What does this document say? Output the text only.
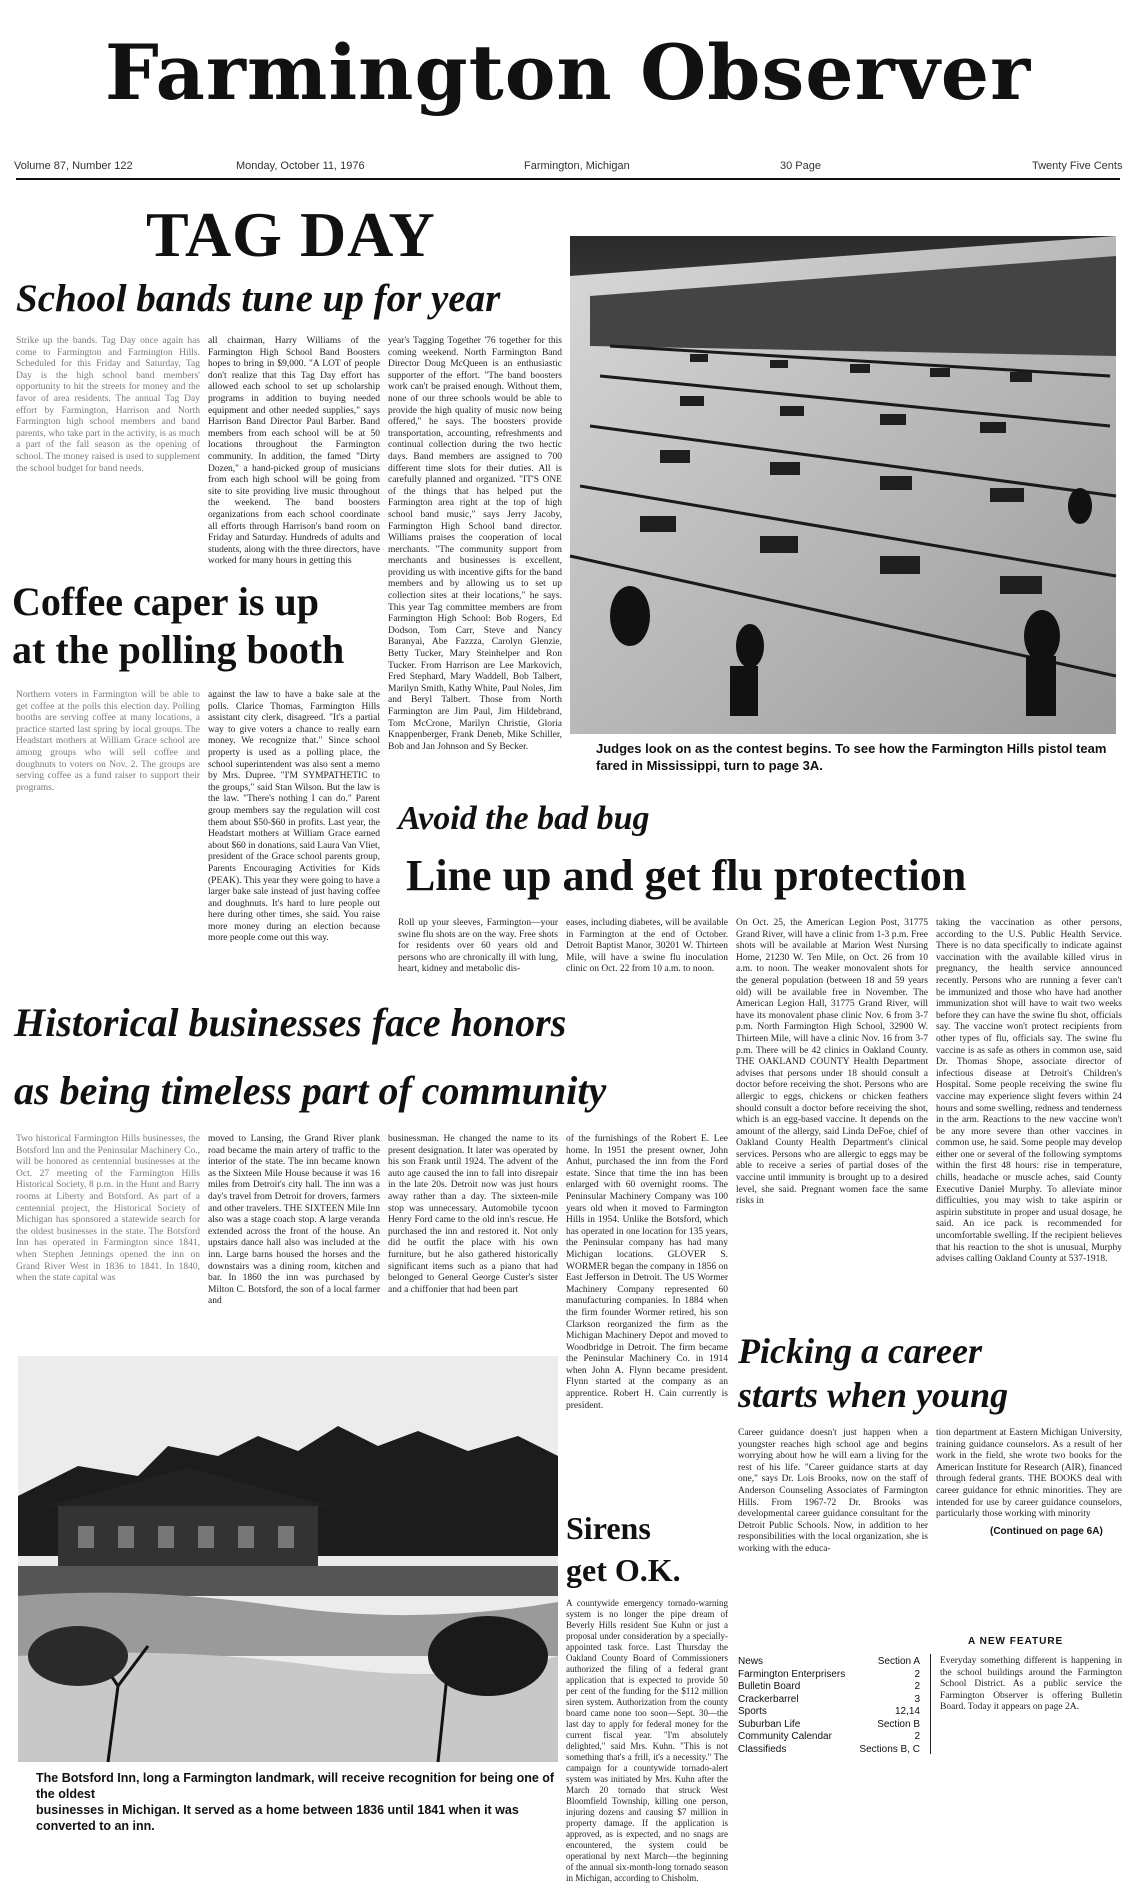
Farmington Observer
Volume 87, Number 122	Monday, October 11, 1976	Farmington, Michigan	30 Page	Twenty Five Cents
TAG DAY
School bands tune up for year
Strike up the bands. Tag Day once again has come to Farmington and Farmington Hills. Scheduled for this Friday and Saturday, Tag Day is the high school band members' opportunity to hit the streets for money and the favor of area residents. The annual Tag Day effort by Farmington, Harrison and North Farmington high school members and band parents, who take part in the activity, is as much a part of the fall season as the opening of school. The money raised is used to supplement the school budget for band needs.
all chairman, Harry Williams of the Farmington High School Band Boosters hopes to bring in $9,000. "A LOT of people don't realize that this Tag Day effort has allowed each school to set up scholarship programs in addition to buying needed equipment and other needed supplies," says Harrison Band Director Paul Barber. Band members from each school will be at 50 locations throughout the Farmington community. In addition, the famed "Dirty Dozen," a hand-picked group of musicians from each high school will be going from site to site providing live music throughout the weekend. The band boosters organizations from each school coordinate all efforts through Harrison's band room on Friday and Saturday. Hundreds of adults and students, along with the three directors, have worked for many hours in getting this
year's Tagging Together '76 together for this coming weekend. North Farmington Band Director Doug McQueen is an enthusiastic supporter of the effort. "The band boosters work can't be praised enough. Without them, none of our three schools would be able to provide the high quality of music now being offered," he says. The boosters provide transportation, accounting, refreshments and continual collection during the two hectic days. Band members are assigned to 700 different time slots for their duties. All is carefully planned and organized. "IT'S ONE of the things that has helped put the Farmington area right at the top of high school band music," says Jerry Jacoby, Farmington High School band director. Williams praises the cooperation of local merchants. "The community support from merchants and businesses is excellent, providing us with incentive gifts for the band members and by allowing us to set up collection sites at their locations," he says. This year Tag committee members are from Farmington High School: Bob Rogers, Ed Dodson, Tom Carr, Steve and Nancy Baranyai, Abe Fazzza, Carolyn Glenzie, Betty Tucker, Mary Steinhelper and Ron Tucker. From Harrison are Lee Markovich, Fred Stephard, Mary Waddell, Bob Talbert, Marilyn Smith, Kathy White, Paul Noles, Jim and Beryl Talbert. Those from North Farmington are Jim Paul, Jim Hildebrand, Tom McCrone, Marilyn Christie, Gloria Knappenberger, Frank Deneb, Mike Schiller, Bob and Jan Johnson and Sy Becker.	Judges look on as the contest begins. To see how the Farmington Hills pistol team fared in Mississippi, turn to page 3A.
Coffee caper is up
at the polling booth
Northern voters in Farmington will be able to get coffee at the polls this election day. Polling booths are serving coffee at many locations, a practice started last spring by local groups. The Headstart mothers at William Grace school are among groups who will sell coffee and doughnuts to voters on Nov. 2. The groups are serving coffee as a fund raiser to support their programs.
against the law to have a bake sale at the polls. Clarice Thomas, Farmington Hills assistant city clerk, disagreed. "It's a partial way to give voters a chance to really earn money. We recognize that." Since school property is used as a polling place, the school superintendent was also sent a memo by Mrs. Dupree. "I'M SYMPATHETIC to the groups," said Stan Wilson. But the law is the law. "There's nothing I can do." Parent group members say the regulation will cost them about $50-$60 in profits. Last year, the Headstart mothers at William Grace earned about $60 in donations, said Laura Van Vliet, president of the Grace school parents group, Parents Encouraging Activities for Kids (PEAK). This year they were going to have a larger bake sale instead of just having coffee and doughnuts. It's hard to lure people out here during other times, she said. You raise more money during an election because more people come out this way.
Avoid the bad bug
Line up and get flu protection
Roll up your sleeves, Farmington—your swine flu shots are on the way. Free shots for residents over 60 years old and persons who are chronically ill with lung, heart, kidney and metabolic dis-
eases, including diabetes, will be available in Farmington at the end of October. Detroit Baptist Manor, 30201 W. Thirteen Mile, will have a swine flu inoculation clinic on Oct. 22 from 10 a.m. to noon.
On Oct. 25, the American Legion Post, 31775 Grand River, will have a clinic from 1-3 p.m. Free shots will be available at Marion West Nursing Home, 21230 W. Ten Mile, on Oct. 26 from 10 a.m. to noon. The weaker monovalent shots for the general population (between 18 and 59 years old) will be available free in November. The American Legion Hall, 31775 Grand River, will have its monovalent phase clinic Nov. 6 from 3-7 p.m. North Farmington High School, 32900 W. Thirteen Mile, will have a clinic Nov. 16 from 3-7 p.m. There will be 42 clinics in Oakland County. THE OAKLAND COUNTY Health Department advises that persons under 18 should consult a doctor before receiving the shot. Persons who are allergic to eggs, chickens or chicken feathers should consult a doctor before receiving the shot, which is an egg-based vaccine. It depends on the amount of the allergy, said Linda DeFoe, chief of Oakland County Health Department's clinical services. Persons who are allergic to eggs may be able to receive a series of partial doses of the vaccine until immunity is brought up to a desired level, she said. Pregnant women face the same risks in
taking the vaccination as other persons, according to the U.S. Public Health Service. There is no data specifically to indicate against vaccination with the available killed virus in pregnancy, the health service announced recently. Persons who are running a fever can't be immunized and those who have had another immunization shot will have to wait two weeks before they can have the swine flu shot, officials say. The vaccine won't protect recipients from other types of flu, officials say. The swine flu vaccine is as safe as others in common use, said Dr. Thomas Shope, associate director of infectious disease at Detroit's Children's Hospital. Some people receiving the swine flu vaccine may experience slight fevers within 24 hours and some swelling, redness and tenderness in the arm. Reactions to the new vaccine won't be any more severe than other vaccines in common use, he said. Some people may develop either one or several of the following symptoms within the first 48 hours: rise in temperature, chills, headache or muscle aches, said County Executive Daniel Murphy. To alleviate minor difficulties, you may wish to take aspirin or aspirin substitute in proper and usual dosage, he said. An ice pack is recommended for uncomfortable swelling. If the recipient believes that his reaction to the shot is unusual, Murphy advises calling Oakland County at 537-1918.
Historical businesses face honors
as being timeless part of community
Two historical Farmington Hills businesses, the Botsford Inn and the Peninsular Machinery Co., will be honored as centennial businesses at the Oct. 27 meeting of the Farmington Hills Historical Society, 8 p.m. in the Hunt and Barry rooms at Liberty and Botsford. As part of a centennial project, the Historical Society of Michigan has sponsored a statewide search for the oldest businesses in the state. The Botsford Inn has operated in Farmington since 1841, when Stephen Jennings opened the inn on Grand River West in 1836 to 1841. In 1840, when the state capital was
moved to Lansing, the Grand River plank road became the main artery of traffic to the interior of the state. The inn became known as the Sixteen Mile House because it was 16 miles from Detroit's city hall. The inn was a day's travel from Detroit for drovers, farmers and other travelers. THE SIXTEEN Mile Inn also was a stage coach stop. A large veranda extended across the front of the house. An upstairs dance hall also was included at the inn. Large barns housed the horses and the downstairs was a dining room, kitchen and bar. In 1860 the inn was purchased by Milton C. Botsford, the son of a local farmer and
businessman. He changed the name to its present designation. It later was operated by his son Frank until 1924. The advent of the auto age caused the inn to fall into disrepair in the late 20s. Detroit now was just hours away rather than a day. The sixteen-mile stop was unnecessary. Automobile tycoon Henry Ford came to the old inn's rescue. He purchased the inn and restored it. Not only did he outfit the place with his own furniture, but he also gathered historically significant items such as a piano that had belonged to General George Custer's sister and a chiffonier that had been part
of the furnishings of the Robert E. Lee home. In 1951 the present owner, John Anhut, purchased the inn from the Ford estate. Since that time the inn has been enlarged with 60 overnight rooms. The Peninsular Machinery Company was 100 years old when it moved to Farmington Hills in 1954. Unlike the Botsford, which has operated in one location for 135 years, the Peninsular company has had many Michigan locations. GLOVER S. WORMER began the company in 1856 on East Jefferson in Detroit. The US Wormer Machinery Company represented 60 manufacturing companies. In 1884 when the firm founder Wormer retired, his son Clarkson reorganized the firm as the Michigan Machinery Depot and moved to Woodbridge in Detroit. The firm became the Peninsular Machinery Co. in 1914 when John A. Flynn became president. Flynn started at the company as an apprentice. Robert H. Cain currently is president.
The Botsford Inn, long a Farmington landmark, will receive recognition for being one of the oldest
businesses in Michigan. It served as a home between 1836 until 1841 when it was converted to an inn.
Sirens
get O.K.
A countywide emergency tornado-warning system is no longer the pipe dream of Beverly Hills resident Sue Kuhn or just a proposal under consideration by a specially-appointed task force. Last Thursday the Oakland County Board of Commissioners authorized the filing of a federal grant application that is expected to provide 50 per cent of the funding for the $112 million siren system. Authorization from the county board came none too soon—Sept. 30—the last day to apply for federal money for the current fiscal year. "I'm absolutely delighted," said Mrs. Kuhn. "This is not something that's a frill, it's a necessity." The campaign for a countywide tornado-alert system was initiated by Mrs. Kuhn after the March 20 tornado that struck West Bloomfield Township, killing one person, injuring dozens and causing $7 million in property damage. If the application is approved, as is expected, and no snags are encountered, the system could be operational by next March—the beginning of the annual six-month-long tornado season in Michigan, according to Chisholm.
Picking a career
starts when young
Career guidance doesn't just happen when a youngster reaches high school age and begins worrying about how he will earn a living for the rest of his life. "Career guidance starts at day one," says Dr. Lois Brooks, now on the staff of Anderson Counseling Associates of Farmington Hills. From 1967-72 Dr. Brooks was developmental career guidance consultant for the Detroit Public Schools. Now, in addition to her responsibilities with the local organization, she is working with the educa-
tion department at Eastern Michigan University, training guidance counselors. As a result of her work in the field, she wrote two books for the American Institute for Research (AIR), financed through federal grants. THE BOOKS deal with career guidance for ethnic minorities. They are intended for use by career guidance counselors, particularly those working with minority
(Continued on page 6A)
News	Section A
Farmington Enterprisers	2
Bulletin Board	2
Crackerbarrel	3
Sports	12,14
Suburban Life	Section B
Community Calendar	2
Classifieds	Sections B, C
A NEW FEATURE
Everyday something different is happening in the school buildings around the Farmington School District. As a public service the Farmington Observer is offering Bulletin Board. Today it appears on page 2A.
